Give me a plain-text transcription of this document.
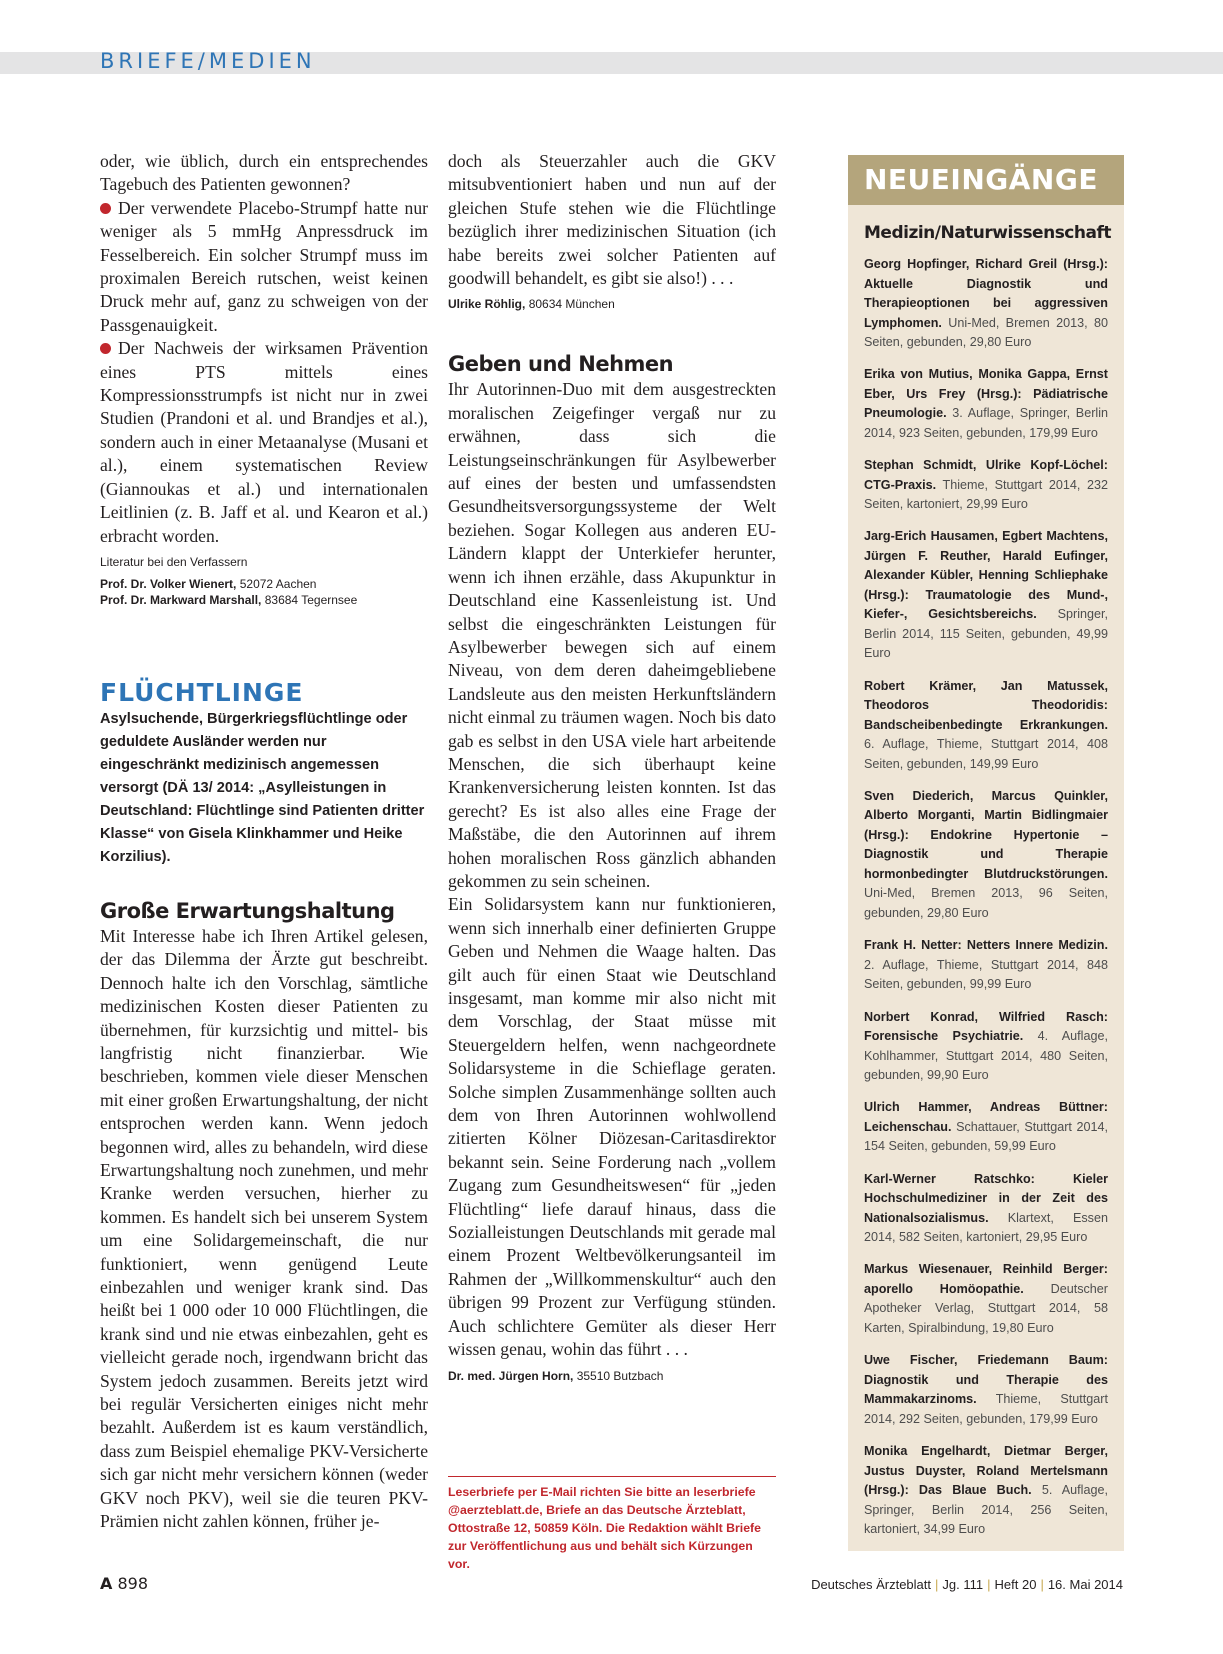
BRIEFE/MEDIEN

oder, wie üblich, durch ein entsprechendes Tagebuch des Patienten gewonnen?

Der verwendete Placebo-Strumpf hatte nur weniger als 5 mmHg Anpressdruck im Fesselbereich. Ein solcher Strumpf muss im proximalen Bereich rutschen, weist keinen Druck mehr auf, ganz zu schweigen von der Passgenauigkeit.

Der Nachweis der wirksamen Prävention eines PTS mittels eines Kompressionsstrumpfs ist nicht nur in zwei Studien (Prandoni et al. und Brandjes et al.), sondern auch in einer Metaanalyse (Musani et al.), einem systematischen Review (Giannoukas et al.) und internationalen Leitlinien (z. B. Jaff et al. und Kearon et al.) erbracht worden.

Literatur bei den Verfassern

Prof. Dr. Volker Wienert, 52072 Aachen

Prof. Dr. Markward Marshall, 83684 Tegernsee

FLÜCHTLINGE

Asylsuchende, Bürgerkriegsflüchtlinge oder geduldete Ausländer werden nur eingeschränkt medizinisch angemessen versorgt (DÄ 13/ 2014: „Asylleistungen in Deutschland: Flüchtlinge sind Patienten dritter Klasse“ von Gisela Klinkhammer und Heike Korzilius).

Große Erwartungshaltung

Mit Interesse habe ich Ihren Artikel gelesen, der das Dilemma der Ärzte gut beschreibt. Dennoch halte ich den Vorschlag, sämtliche medizinischen Kosten dieser Patienten zu übernehmen, für kurzsichtig und mittel- bis langfristig nicht finanzierbar. Wie beschrieben, kommen viele dieser Menschen mit einer großen Erwartungshaltung, der nicht entsprochen werden kann. Wenn jedoch begonnen wird, alles zu behandeln, wird diese Erwartungshaltung noch zunehmen, und mehr Kranke werden versuchen, hierher zu kommen. Es handelt sich bei unserem System um eine Solidargemeinschaft, die nur funktioniert, wenn genügend Leute einbezahlen und weniger krank sind. Das heißt bei 1 000 oder 10 000 Flüchtlingen, die krank sind und nie etwas einbezahlen, geht es vielleicht gerade noch, irgendwann bricht das System jedoch zusammen. Bereits jetzt wird bei regulär Versicherten einiges nicht mehr bezahlt. Außerdem ist es kaum verständlich, dass zum Beispiel ehemalige PKV-Versicherte sich gar nicht mehr versichern können (weder GKV noch PKV), weil sie die teuren PKV-Prämien nicht zahlen können, früher je-

doch als Steuerzahler auch die GKV mitsubventioniert haben und nun auf der gleichen Stufe stehen wie die Flüchtlinge bezüglich ihrer medizinischen Situation (ich habe bereits zwei solcher Patienten auf goodwill behandelt, es gibt sie also!) . . .

Ulrike Röhlig, 80634 München

Geben und Nehmen

Ihr Autorinnen-Duo mit dem ausgestreckten moralischen Zeigefinger vergaß nur zu erwähnen, dass sich die Leistungseinschränkungen für Asylbewerber auf eines der besten und umfassendsten Gesundheitsversorgungssysteme der Welt beziehen. Sogar Kollegen aus anderen EU-Ländern klappt der Unterkiefer herunter, wenn ich ihnen erzähle, dass Akupunktur in Deutschland eine Kassenleistung ist. Und selbst die eingeschränkten Leistungen für Asylbewerber bewegen sich auf einem Niveau, von dem deren daheimgebliebene Landsleute aus den meisten Herkunftsländern nicht einmal zu träumen wagen. Noch bis dato gab es selbst in den USA viele hart arbeitende Menschen, die sich überhaupt keine Krankenversicherung leisten konnten. Ist das gerecht? Es ist also alles eine Frage der Maßstäbe, die den Autorinnen auf ihrem hohen moralischen Ross gänzlich abhanden gekommen zu sein scheinen.

Ein Solidarsystem kann nur funktionieren, wenn sich innerhalb einer definierten Gruppe Geben und Nehmen die Waage halten. Das gilt auch für einen Staat wie Deutschland insgesamt, man komme mir also nicht mit dem Vorschlag, der Staat müsse mit Steuergeldern helfen, wenn nachgeordnete Solidarsysteme in die Schieflage geraten. Solche simplen Zusammenhänge sollten auch dem von Ihren Autorinnen wohlwollend zitierten Kölner Diözesan-Caritasdirektor bekannt sein. Seine Forderung nach „vollem Zugang zum Gesundheitswesen“ für „jeden Flüchtling“ liefe darauf hinaus, dass die Sozialleistungen Deutschlands mit gerade mal einem Prozent Weltbevölkerungsanteil im Rahmen der „Willkommenskultur“ auch den übrigen 99 Prozent zur Verfügung stünden. Auch schlichtere Gemüter als dieser Herr wissen genau, wohin das führt . . .

Dr. med. Jürgen Horn, 35510 Butzbach

Leserbriefe per E-Mail richten Sie bitte an leserbriefe @aerzteblatt.de, Briefe an das Deutsche Ärzteblatt, Ottostraße 12, 50859 Köln. Die Redaktion wählt Briefe zur Veröffentlichung aus und behält sich Kürzungen vor.
NEUEINGÄNGE
Medizin/Naturwissenschaft
Georg Hopfinger, Richard Greil (Hrsg.): Aktuelle Diagnostik und Therapieoptionen bei aggressiven Lymphomen. Uni-Med, Bremen 2013, 80 Seiten, gebunden, 29,80 Euro
Erika von Mutius, Monika Gappa, Ernst Eber, Urs Frey (Hrsg.): Pädiatrische Pneumologie. 3. Auflage, Springer, Berlin 2014, 923 Seiten, gebunden, 179,99 Euro
Stephan Schmidt, Ulrike Kopf-Löchel: CTG-Praxis. Thieme, Stuttgart 2014, 232 Seiten, kartoniert, 29,99 Euro
Jarg-Erich Hausamen, Egbert Machtens, Jürgen F. Reuther, Harald Eufinger, Alexander Kübler, Henning Schliephake (Hrsg.): Traumatologie des Mund-, Kiefer-, Gesichtsbereichs. Springer, Berlin 2014, 115 Seiten, gebunden, 49,99 Euro
Robert Krämer, Jan Matussek, Theodoros Theodoridis: Bandscheibenbedingte Erkrankungen. 6. Auflage, Thieme, Stuttgart 2014, 408 Seiten, gebunden, 149,99 Euro
Sven Diederich, Marcus Quinkler, Alberto Morganti, Martin Bidlingmaier (Hrsg.): Endokrine Hypertonie – Diagnostik und Therapie hormonbedingter Blutdruckstörungen. Uni-Med, Bremen 2013, 96 Seiten, gebunden, 29,80 Euro
Frank H. Netter: Netters Innere Medizin. 2. Auflage, Thieme, Stuttgart 2014, 848 Seiten, gebunden, 99,99 Euro
Norbert Konrad, Wilfried Rasch: Forensische Psychiatrie. 4. Auflage, Kohlhammer, Stuttgart 2014, 480 Seiten, gebunden, 99,90 Euro
Ulrich Hammer, Andreas Büttner: Leichenschau. Schattauer, Stuttgart 2014, 154 Seiten, gebunden, 59,99 Euro
Karl-Werner Ratschko: Kieler Hochschulmediziner in der Zeit des Nationalsozialismus. Klartext, Essen 2014, 582 Seiten, kartoniert, 29,95 Euro
Markus Wiesenauer, Reinhild Berger: aporello Homöopathie. Deutscher Apotheker Verlag, Stuttgart 2014, 58 Karten, Spiralbindung, 19,80 Euro
Uwe Fischer, Friedemann Baum: Diagnostik und Therapie des Mammakarzinoms. Thieme, Stuttgart 2014, 292 Seiten, gebunden, 179,99 Euro
Monika Engelhardt, Dietmar Berger, Justus Duyster, Roland Mertelsmann (Hrsg.): Das Blaue Buch. 5. Auflage, Springer, Berlin 2014, 256 Seiten, kartoniert, 34,99 Euro
A 898	Deutsches Ärzteblatt | Jg. 111 | Heft 20 | 16. Mai 2014
